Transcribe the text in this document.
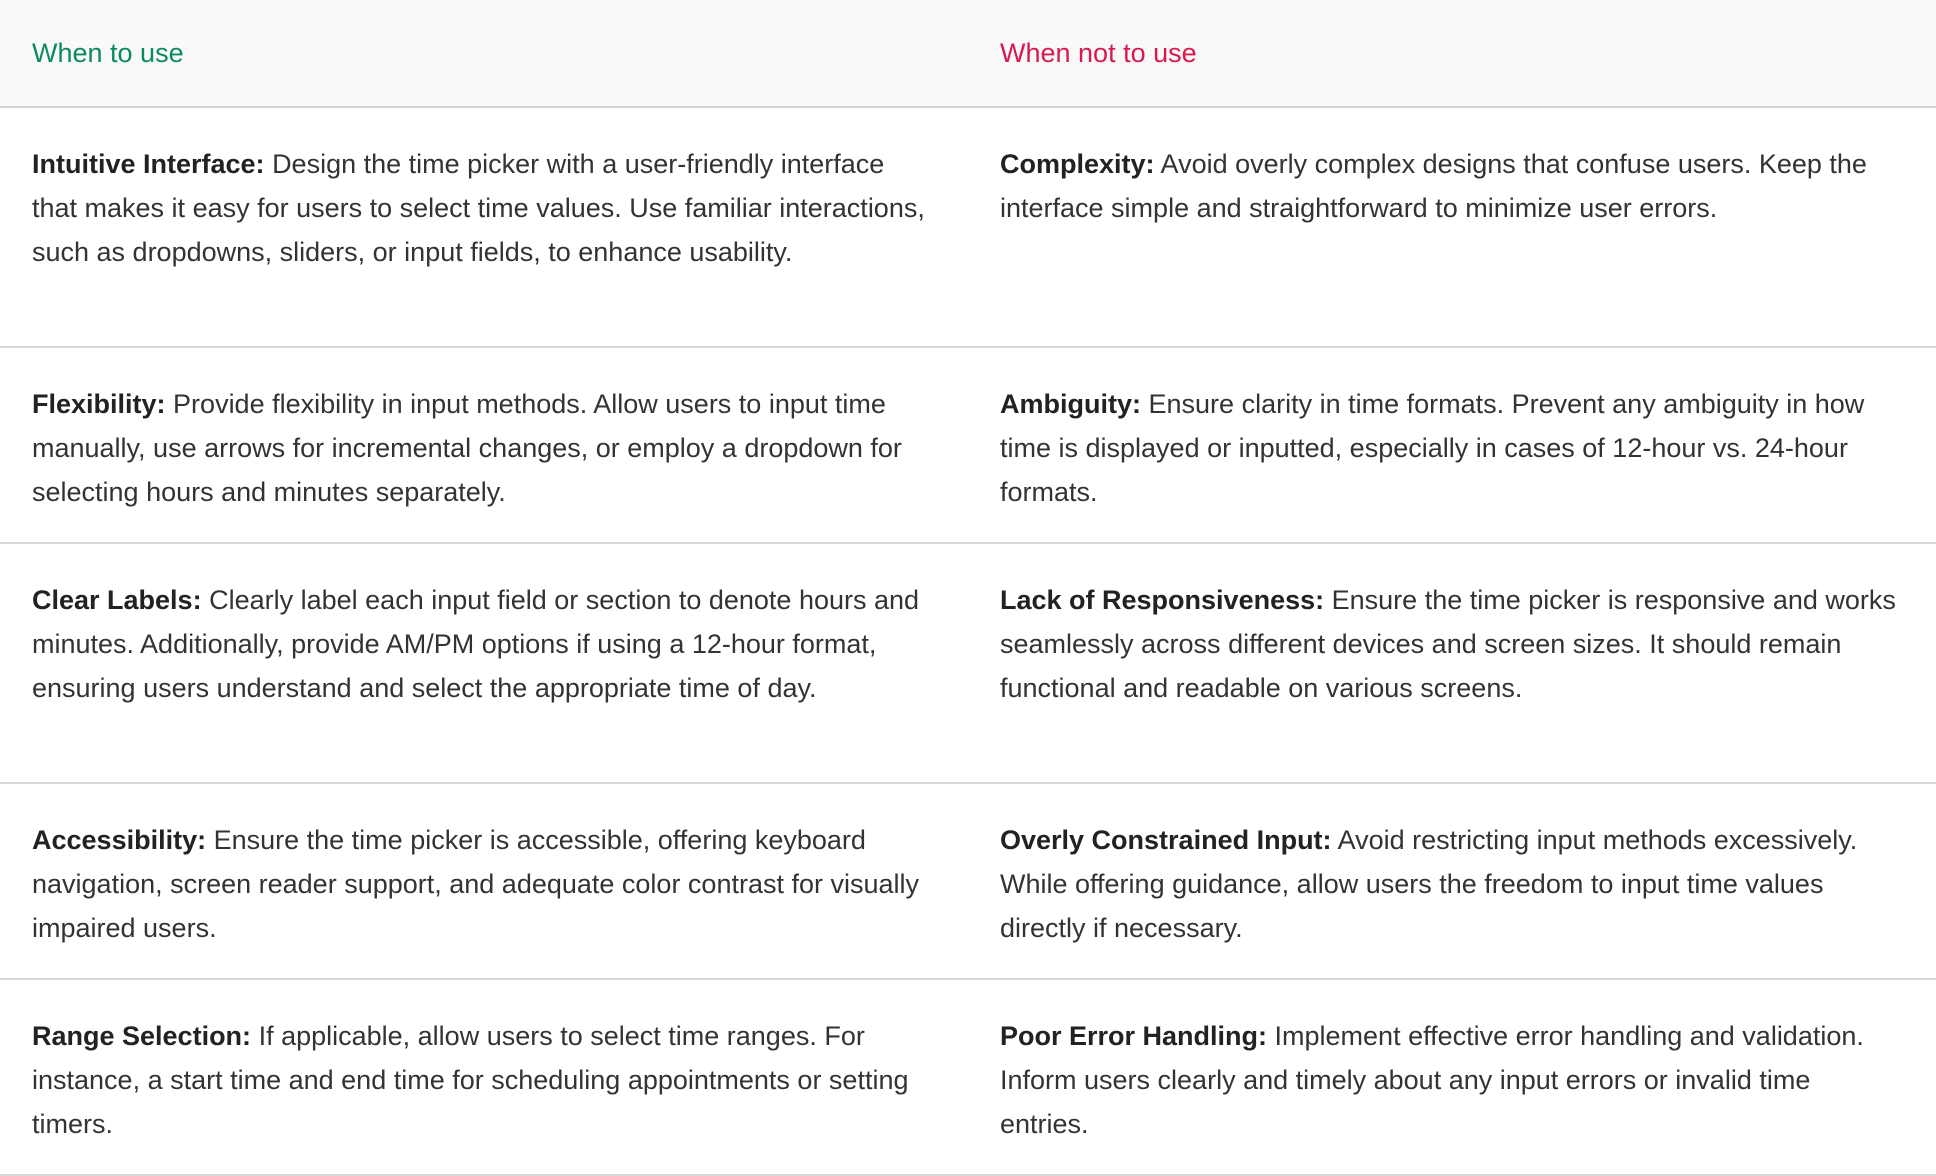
When to use	When not to use
Intuitive Interface: Design the time picker with a user-friendly interface that makes it easy for users to select time values. Use familiar interactions, such as dropdowns, sliders, or input fields, to enhance usability.	Complexity: Avoid overly complex designs that confuse users. Keep the interface simple and straightforward to minimize user errors.
Flexibility: Provide flexibility in input methods. Allow users to input time manually, use arrows for incremental changes, or employ a dropdown for selecting hours and minutes separately.	Ambiguity: Ensure clarity in time formats. Prevent any ambiguity in how time is displayed or inputted, especially in cases of 12-hour vs. 24-hour formats.
Clear Labels: Clearly label each input field or section to denote hours and minutes. Additionally, provide AM/PM options if using a 12-hour format, ensuring users understand and select the appropriate time of day.	Lack of Responsiveness: Ensure the time picker is responsive and works seamlessly across different devices and screen sizes. It should remain functional and readable on various screens.
Accessibility: Ensure the time picker is accessible, offering keyboard navigation, screen reader support, and adequate color contrast for visually impaired users.	Overly Constrained Input: Avoid restricting input methods excessively. While offering guidance, allow users the freedom to input time values directly if necessary.
Range Selection: If applicable, allow users to select time ranges. For instance, a start time and end time for scheduling appointments or setting timers.	Poor Error Handling: Implement effective error handling and validation. Inform users clearly and timely about any input errors or invalid time entries.
